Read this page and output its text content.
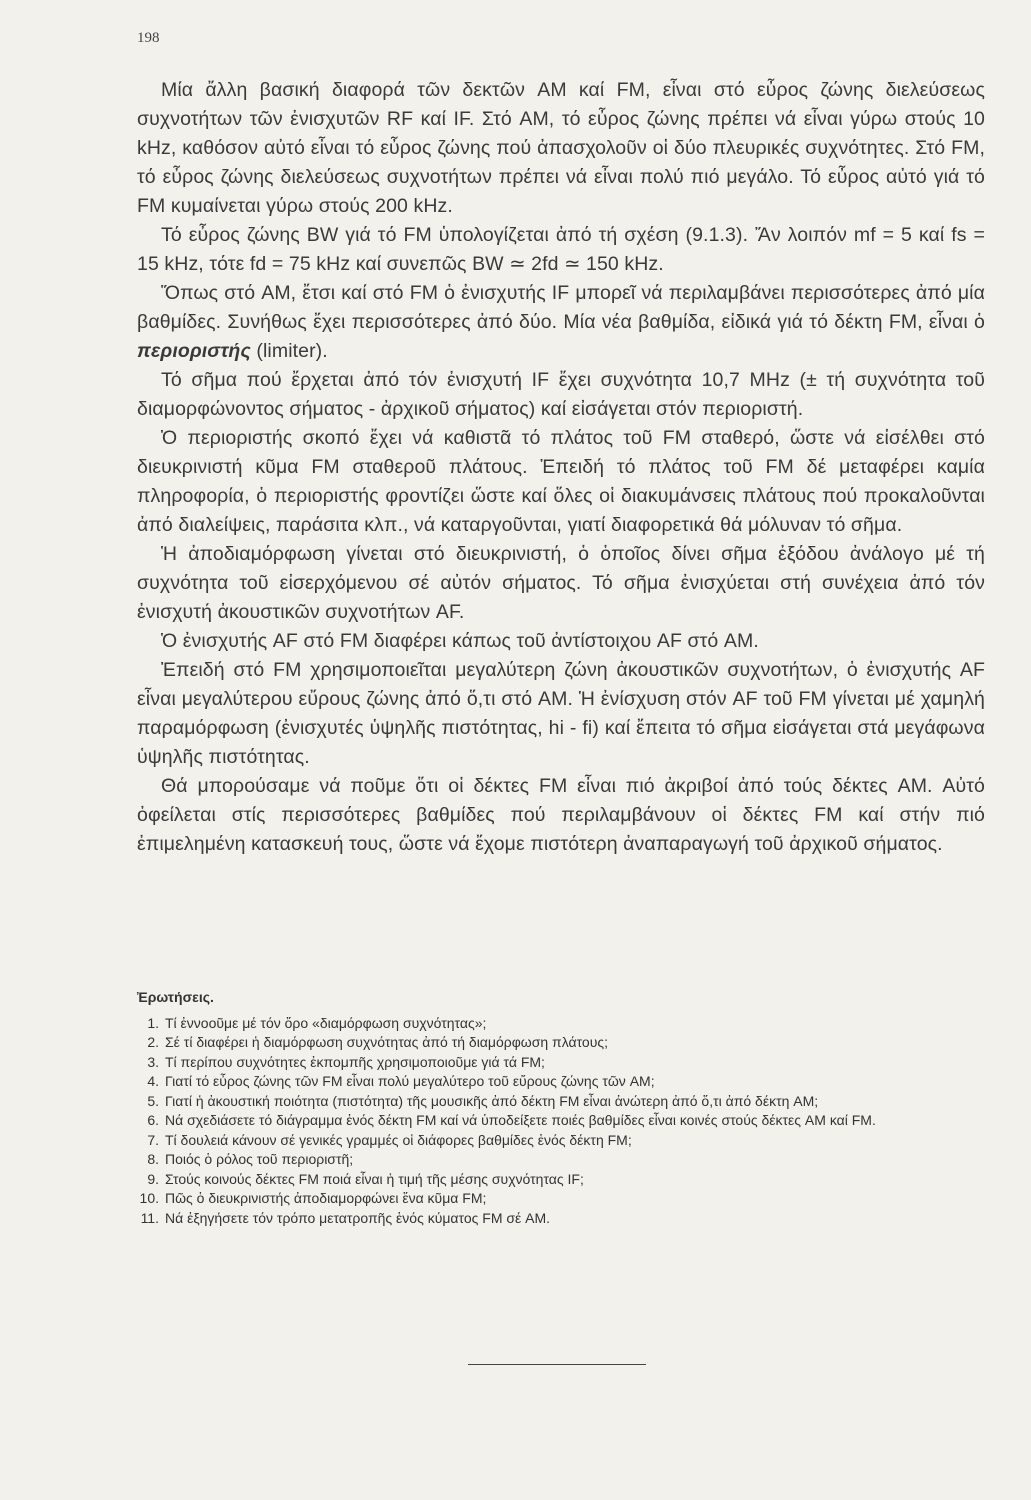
198

Μία ἄλλη βασική διαφορά τῶν δεκτῶν AM καί FM, εἶναι στό εὖρος ζώνης διελεύσεως συχνοτήτων τῶν ἐνισχυτῶν RF καί IF. Στό AM, τό εὖρος ζώνης πρέπει νά εἶναι γύρω στούς 10 kHz, καθόσον αὐτό εἶναι τό εὖρος ζώνης πού ἀπασχολοῦν οἱ δύο πλευρικές συχνότητες. Στό FM, τό εὖρος ζώνης διελεύσεως συχνοτήτων πρέπει νά εἶναι πολύ πιό μεγάλο. Τό εὖρος αὐτό γιά τό FM κυμαίνεται γύρω στούς 200 kHz.

Τό εὖρος ζώνης BW γιά τό FM ὑπολογίζεται ἀπό τή σχέση (9.1.3). Ἄν λοιπόν mf = 5 καί fs = 15 kHz, τότε fd = 75 kHz καί συνεπῶς BW ≃ 2fd ≃ 150 kHz.

Ὅπως στό AM, ἔτσι καί στό FM ὁ ἐνισχυτής IF μπορεῖ νά περιλαμβάνει περισσότερες ἀπό μία βαθμίδες. Συνήθως ἔχει περισσότερες ἀπό δύο. Μία νέα βαθμίδα, εἰδικά γιά τό δέκτη FM, εἶναι ὁ περιοριστής (limiter).

Τό σῆμα πού ἔρχεται ἀπό τόν ἐνισχυτή IF ἔχει συχνότητα 10,7 MHz (± τή συχνότητα τοῦ διαμορφώνοντος σήματος - ἀρχικοῦ σήματος) καί εἰσάγεται στόν περιοριστή.

Ὁ περιοριστής σκοπό ἔχει νά καθιστᾶ τό πλάτος τοῦ FM σταθερό, ὥστε νά εἰσέλθει στό διευκρινιστή κῦμα FM σταθεροῦ πλάτους. Ἐπειδή τό πλάτος τοῦ FM δέ μεταφέρει καμία πληροφορία, ὁ περιοριστής φροντίζει ὥστε καί ὅλες οἱ διακυμάνσεις πλάτους πού προκαλοῦνται ἀπό διαλείψεις, παράσιτα κλπ., νά καταργοῦνται, γιατί διαφορετικά θά μόλυναν τό σῆμα.

Ἡ ἀποδιαμόρφωση γίνεται στό διευκρινιστή, ὁ ὁποῖος δίνει σῆμα ἐξόδου ἀνάλογο μέ τή συχνότητα τοῦ εἰσερχόμενου σέ αὐτόν σήματος. Τό σῆμα ἐνισχύεται στή συνέχεια ἀπό τόν ἐνισχυτή ἀκουστικῶν συχνοτήτων AF.

Ὁ ἐνισχυτής AF στό FM διαφέρει κάπως τοῦ ἀντίστοιχου AF στό AM.

Ἐπειδή στό FM χρησιμοποιεῖται μεγαλύτερη ζώνη ἀκουστικῶν συχνοτήτων, ὁ ἐνισχυτής AF εἶναι μεγαλύτερου εὔρους ζώνης ἀπό ὅ,τι στό AM. Ἡ ἐνίσχυση στόν AF τοῦ FM γίνεται μέ χαμηλή παραμόρφωση (ἐνισχυτές ὑψηλῆς πιστότητας, hi - fi) καί ἔπειτα τό σῆμα εἰσάγεται στά μεγάφωνα ὑψηλῆς πιστότητας.

Θά μπορούσαμε νά ποῦμε ὅτι οἱ δέκτες FM εἶναι πιό ἀκριβοί ἀπό τούς δέκτες AM. Αὐτό ὀφείλεται στίς περισσότερες βαθμίδες πού περιλαμβάνουν οἱ δέκτες FM καί στήν πιό ἐπιμελημένη κατασκευή τους, ὥστε νά ἔχομε πιστότερη ἀναπαραγωγή τοῦ ἀρχικοῦ σήματος.

Ἐρωτήσεις.
1. Τί ἐννοοῦμε μέ τόν ὅρο «διαμόρφωση συχνότητας»;
2. Σέ τί διαφέρει ἡ διαμόρφωση συχνότητας ἀπό τή διαμόρφωση πλάτους;
3. Τί περίπου συχνότητες ἐκπομπῆς χρησιμοποιοῦμε γιά τά FM;
4. Γιατί τό εὖρος ζώνης τῶν FM εἶναι πολύ μεγαλύτερο τοῦ εὔρους ζώνης τῶν AM;
5. Γιατί ἡ ἀκουστική ποιότητα (πιστότητα) τῆς μουσικῆς ἀπό δέκτη FM εἶναι ἀνώτερη ἀπό ὅ,τι ἀπό δέκτη AM;
6. Νά σχεδιάσετε τό διάγραμμα ἑνός δέκτη FM καί νά ὑποδείξετε ποιές βαθμίδες εἶναι κοινές στούς δέκτες AM καί FM.
7. Τί δουλειά κάνουν σέ γενικές γραμμές οἱ διάφορες βαθμίδες ἑνός δέκτη FM;
8. Ποιός ὁ ρόλος τοῦ περιοριστῆ;
9. Στούς κοινούς δέκτες FM ποιά εἶναι ἡ τιμή τῆς μέσης συχνότητας IF;
10. Πῶς ὁ διευκρινιστής ἀποδιαμορφώνει ἕνα κῦμα FM;
11. Νά ἐξηγήσετε τόν τρόπο μετατροπῆς ἑνός κύματος FM σέ AM.
